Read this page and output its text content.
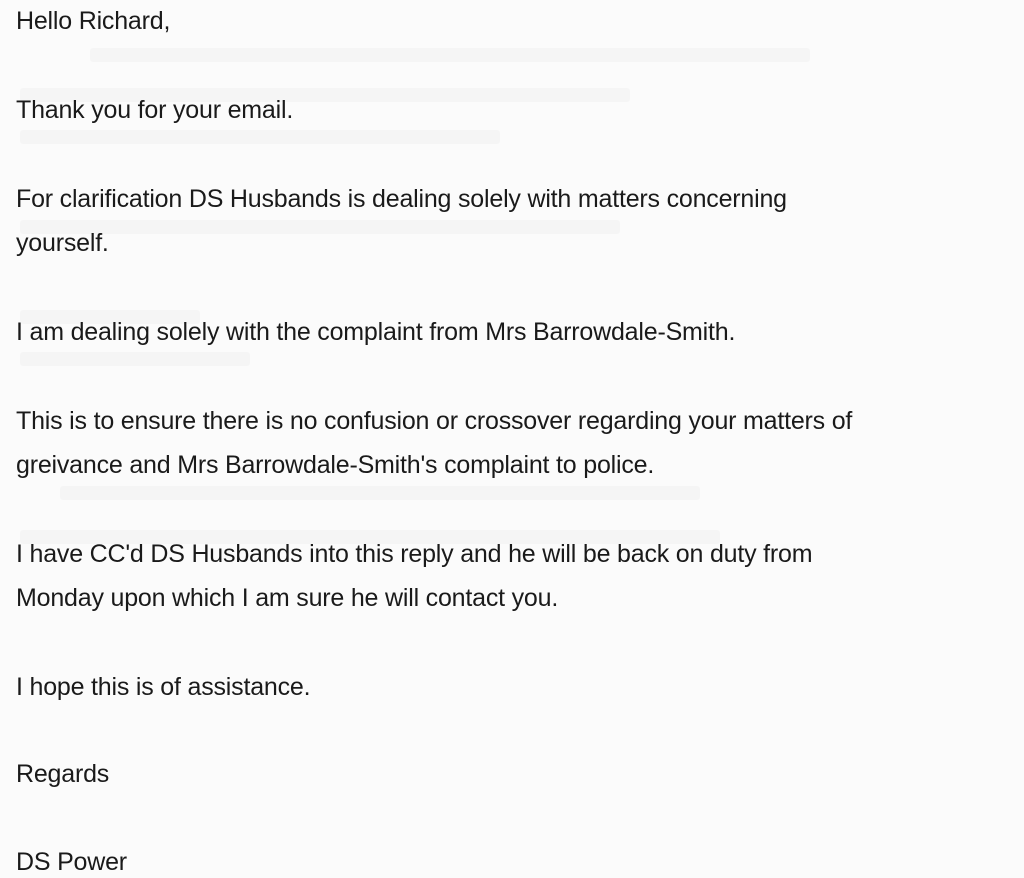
Hello Richard,
Thank you for your email.
For clarification DS Husbands is dealing solely with matters concerning
yourself.
I am dealing solely with the complaint from Mrs Barrowdale-Smith.
This is to ensure there is no confusion or crossover regarding your matters of
greivance and Mrs Barrowdale-Smith's complaint to police.
I have CC'd DS Husbands into this reply and he will be back on duty from
Monday upon which I am sure he will contact you.
I hope this is of assistance.
Regards
DS Power
